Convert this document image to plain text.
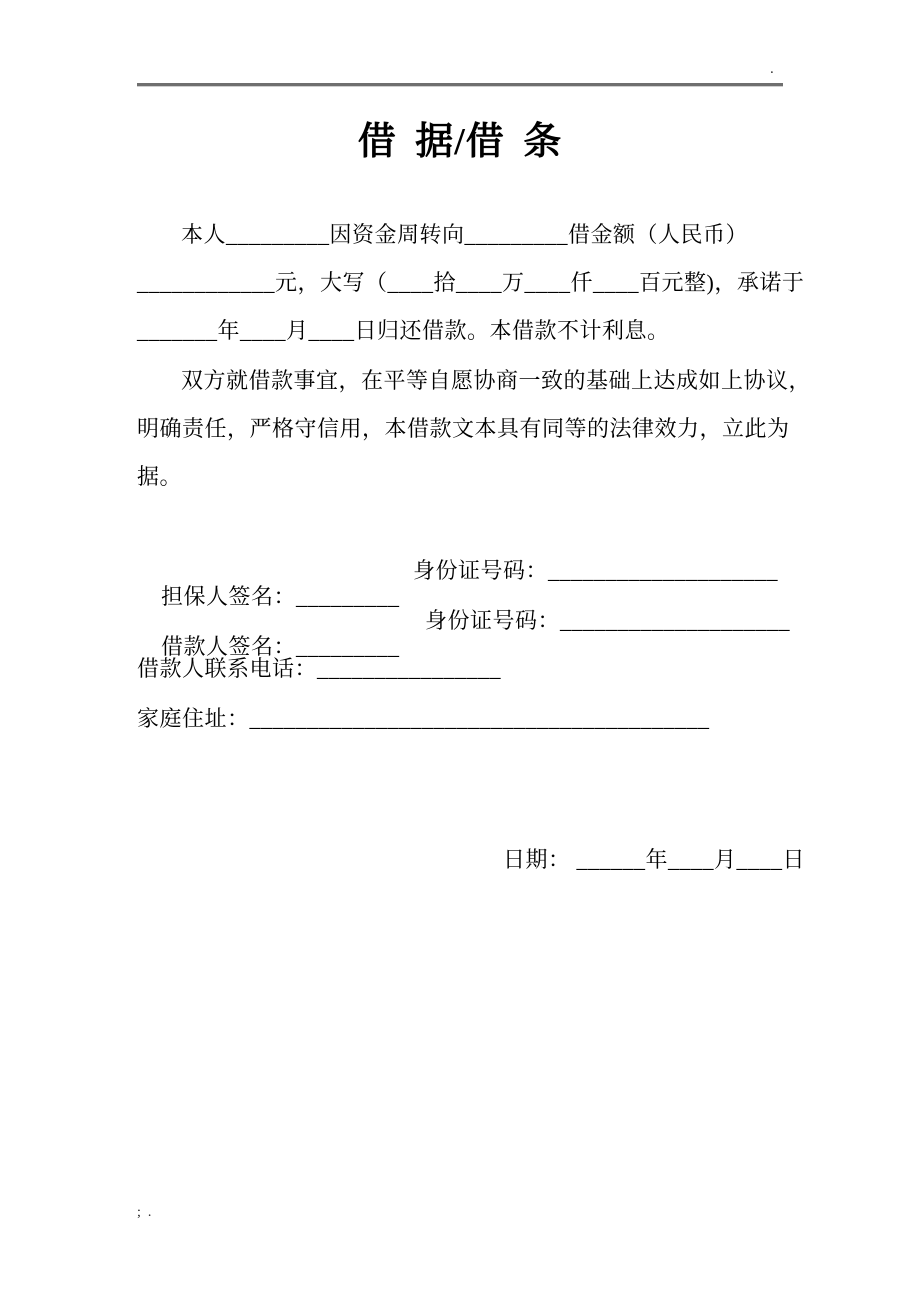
.
借 据/借 条
本人_________因资金周转向_________借金额（人民币）
____________元，大写（____拾____万____仟____百元整)，承诺于
_______年____月____日归还借款。本借款不计利息。
双方就借款事宜，在平等自愿协商一致的基础上达成如上协议，
明确责任，严格守信用，本借款文本具有同等的法律效力，立此为
据。

担保人签名：_________

身份证号码：____________________

借款人签名：_________

身份证号码：____________________

借款人联系电话：________________
家庭住址：________________________________________
日期： ______年____月____日
;  .
